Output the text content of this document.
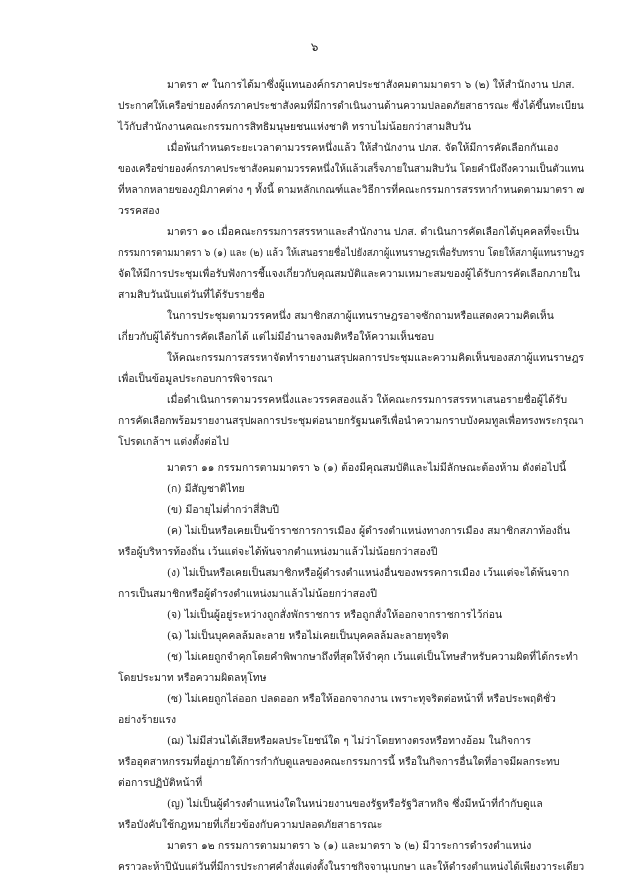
๖
มาตรา ๙ ในการได้มาซึ่งผู้แทนองค์กรภาคประชาสังคมตามมาตรา ๖ (๒) ให้สำนักงาน ปภส.
ประกาศให้เครือข่ายองค์กรภาคประชาสังคมที่มีการดำเนินงานด้านความปลอดภัยสาธารณะ ซึ่งได้ขึ้นทะเบียน
ไว้กับสำนักงานคณะกรรมการสิทธิมนุษยชนแห่งชาติ ทราบไม่น้อยกว่าสามสิบวัน
เมื่อพ้นกำหนดระยะเวลาตามวรรคหนึ่งแล้ว ให้สำนักงาน ปภส. จัดให้มีการคัดเลือกกันเอง
ของเครือข่ายองค์กรภาคประชาสังคมตามวรรคหนึ่งให้แล้วเสร็จภายในสามสิบวัน โดยคำนึงถึงความเป็นตัวแทน
ที่หลากหลายของภูมิภาคต่าง ๆ ทั้งนี้ ตามหลักเกณฑ์และวิธีการที่คณะกรรมการสรรหากำหนดตามมาตรา ๗
วรรคสอง
มาตรา ๑๐ เมื่อคณะกรรมการสรรหาและสำนักงาน ปภส. ดำเนินการคัดเลือกได้บุคคลที่จะเป็น
กรรมการตามมาตรา ๖ (๑) และ (๒) แล้ว ให้เสนอรายชื่อไปยังสภาผู้แทนราษฎรเพื่อรับทราบ โดยให้สภาผู้แทนราษฎร
จัดให้มีการประชุมเพื่อรับฟังการชี้แจงเกี่ยวกับคุณสมบัติและความเหมาะสมของผู้ได้รับการคัดเลือกภายใน
สามสิบวันนับแต่วันที่ได้รับรายชื่อ
ในการประชุมตามวรรคหนึ่ง สมาชิกสภาผู้แทนราษฎรอาจซักถามหรือแสดงความคิดเห็น
เกี่ยวกับผู้ได้รับการคัดเลือกได้ แต่ไม่มีอำนาจลงมติหรือให้ความเห็นชอบ
ให้คณะกรรมการสรรหาจัดทำรายงานสรุปผลการประชุมและความคิดเห็นของสภาผู้แทนราษฎร
เพื่อเป็นข้อมูลประกอบการพิจารณา
เมื่อดำเนินการตามวรรคหนึ่งและวรรคสองแล้ว ให้คณะกรรมการสรรหาเสนอรายชื่อผู้ได้รับ
การคัดเลือกพร้อมรายงานสรุปผลการประชุมต่อนายกรัฐมนตรีเพื่อนำความกราบบังคมทูลเพื่อทรงพระกรุณา
โปรดเกล้าฯ แต่งตั้งต่อไป
มาตรา ๑๑ กรรมการตามมาตรา ๖ (๑) ต้องมีคุณสมบัติและไม่มีลักษณะต้องห้าม ดังต่อไปนี้
(ก) มีสัญชาติไทย
(ข) มีอายุไม่ต่ำกว่าสี่สิบปี
(ค) ไม่เป็นหรือเคยเป็นข้าราชการการเมือง ผู้ดำรงตำแหน่งทางการเมือง สมาชิกสภาท้องถิ่น
หรือผู้บริหารท้องถิ่น เว้นแต่จะได้พ้นจากตำแหน่งมาแล้วไม่น้อยกว่าสองปี
(ง) ไม่เป็นหรือเคยเป็นสมาชิกหรือผู้ดำรงตำแหน่งอื่นของพรรคการเมือง เว้นแต่จะได้พ้นจาก
การเป็นสมาชิกหรือผู้ดำรงตำแหน่งมาแล้วไม่น้อยกว่าสองปี
(จ) ไม่เป็นผู้อยู่ระหว่างถูกสั่งพักราชการ หรือถูกสั่งให้ออกจากราชการไว้ก่อน
(ฉ) ไม่เป็นบุคคลล้มละลาย หรือไม่เคยเป็นบุคคลล้มละลายทุจริต
(ช) ไม่เคยถูกจำคุกโดยคำพิพากษาถึงที่สุดให้จำคุก เว้นแต่เป็นโทษสำหรับความผิดที่ได้กระทำ
โดยประมาท หรือความผิดลหุโทษ
(ซ) ไม่เคยถูกไล่ออก ปลดออก หรือให้ออกจากงาน เพราะทุจริตต่อหน้าที่ หรือประพฤติชั่ว
อย่างร้ายแรง
(ฌ) ไม่มีส่วนได้เสียหรือผลประโยชน์ใด ๆ ไม่ว่าโดยทางตรงหรือทางอ้อม ในกิจการ
หรืออุตสาหกรรมที่อยู่ภายใต้การกำกับดูแลของคณะกรรมการนี้ หรือในกิจการอื่นใดที่อาจมีผลกระทบ
ต่อการปฏิบัติหน้าที่
(ญ) ไม่เป็นผู้ดำรงตำแหน่งใดในหน่วยงานของรัฐหรือรัฐวิสาหกิจ ซึ่งมีหน้าที่กำกับดูแล
หรือบังคับใช้กฎหมายที่เกี่ยวข้องกับความปลอดภัยสาธารณะ
มาตรา ๑๒ กรรมการตามมาตรา ๖ (๑) และมาตรา ๖ (๒) มีวาระการดำรงตำแหน่ง
คราวละห้าปีนับแต่วันที่มีการประกาศคำสั่งแต่งตั้งในราชกิจจานุเบกษา และให้ดำรงตำแหน่งได้เพียงวาระเดียว
